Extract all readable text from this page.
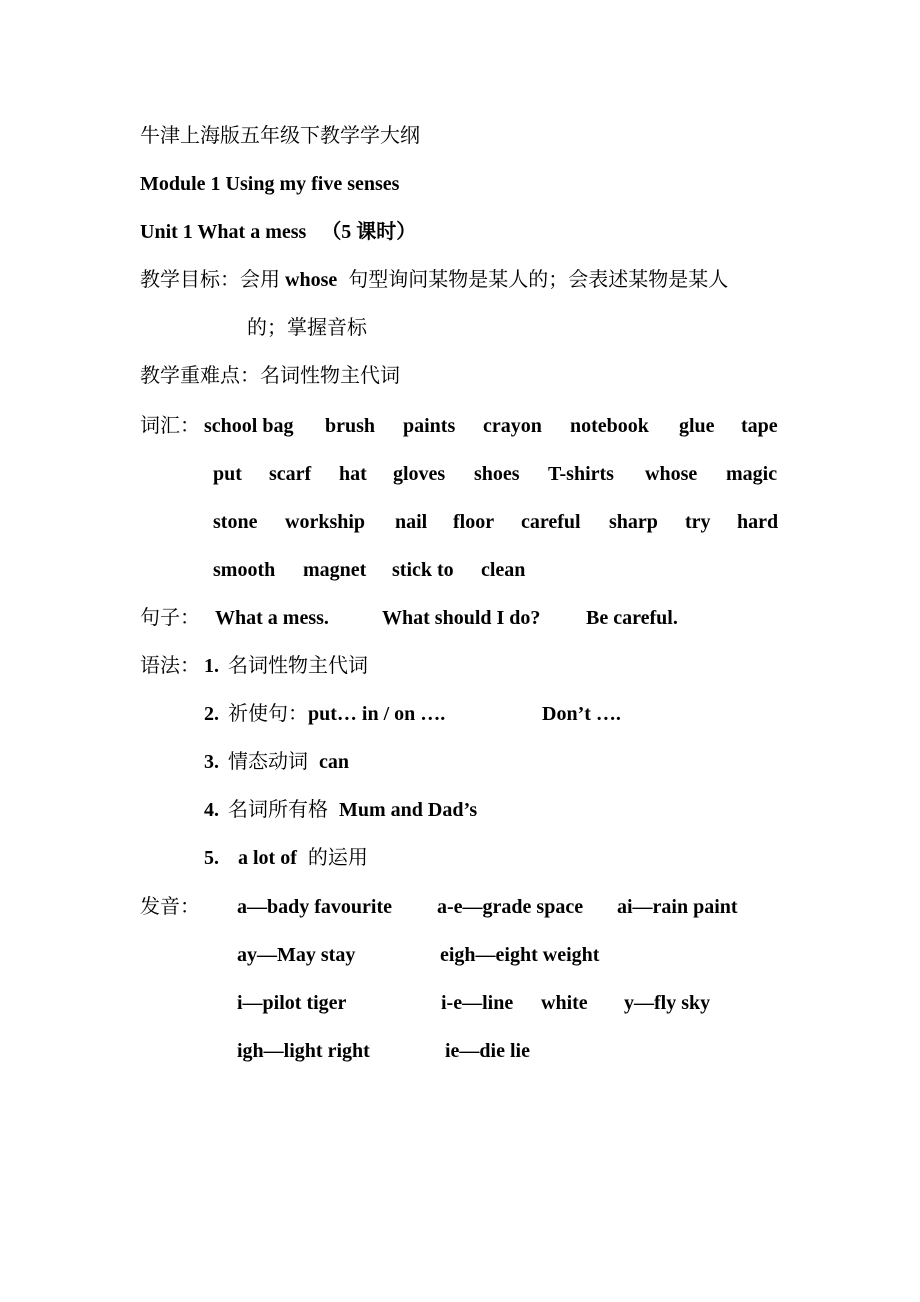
牛津上海版五年级下教学学大纲
Module 1 Using my five senses
Unit 1 What a mess （5 课时）
教学目标：会用 whose 句型询问某物是某人的；会表述某物是某人
的；掌握音标
教学重难点：名词性物主代词
词汇： school bag brush paints crayon notebook glue tape
put scarf hat gloves shoes T-shirts whose magic
stone workship nail floor careful sharp try hard
smooth magnet stick to clean
句子： What a mess.	What should I do? Be careful.
语法： 1. 名词性物主代词
2. 祈使句：put… in / on ….	Don’t ….
3. 情态动词 can
4. 名词所有格 Mum and Dad’s
5. a lot of 的运用
发音： a—bady favourite a-e—grade space ai—rain paint
ay—May stay	eigh—eight weight
i—pilot tiger	i-e—line white y—fly sky
igh—light right	ie—die lie
